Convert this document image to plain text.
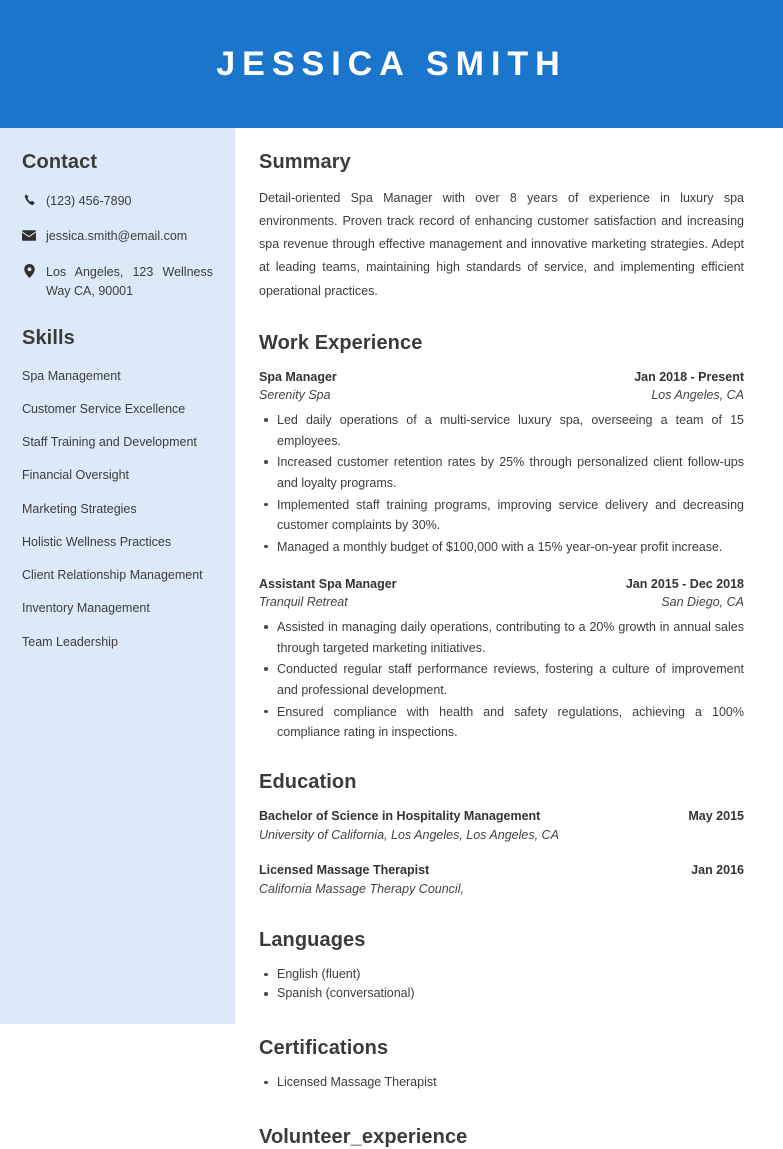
JESSICA SMITH
Contact
(123) 456-7890
jessica.smith@email.com
Los Angeles, 123 Wellness Way CA, 90001
Skills
Spa Management
Customer Service Excellence
Staff Training and Development
Financial Oversight
Marketing Strategies
Holistic Wellness Practices
Client Relationship Management
Inventory Management
Team Leadership
Summary

Detail-oriented Spa Manager with over 8 years of experience in luxury spa environments. Proven track record of enhancing customer satisfaction and increasing spa revenue through effective management and innovative marketing strategies. Adept at leading teams, maintaining high standards of service, and implementing efficient operational practices.

Work Experience
Spa Manager	Jan 2018 - Present
Serenity Spa	Los Angeles, CA
Led daily operations of a multi-service luxury spa, overseeing a team of 15 employees.
Increased customer retention rates by 25% through personalized client follow-ups and loyalty programs.
Implemented staff training programs, improving service delivery and decreasing customer complaints by 30%.
Managed a monthly budget of $100,000 with a 15% year-on-year profit increase.
Assistant Spa Manager	Jan 2015 - Dec 2018
Tranquil Retreat	San Diego, CA
Assisted in managing daily operations, contributing to a 20% growth in annual sales through targeted marketing initiatives.
Conducted regular staff performance reviews, fostering a culture of improvement and professional development.
Ensured compliance with health and safety regulations, achieving a 100% compliance rating in inspections.
Education
Bachelor of Science in Hospitality Management	May 2015
University of California, Los Angeles, Los Angeles, CA
Licensed Massage Therapist	Jan 2016
California Massage Therapy Council,
Languages
English (fluent)
Spanish (conversational)
Certifications
Licensed Massage Therapist
Volunteer_experience
